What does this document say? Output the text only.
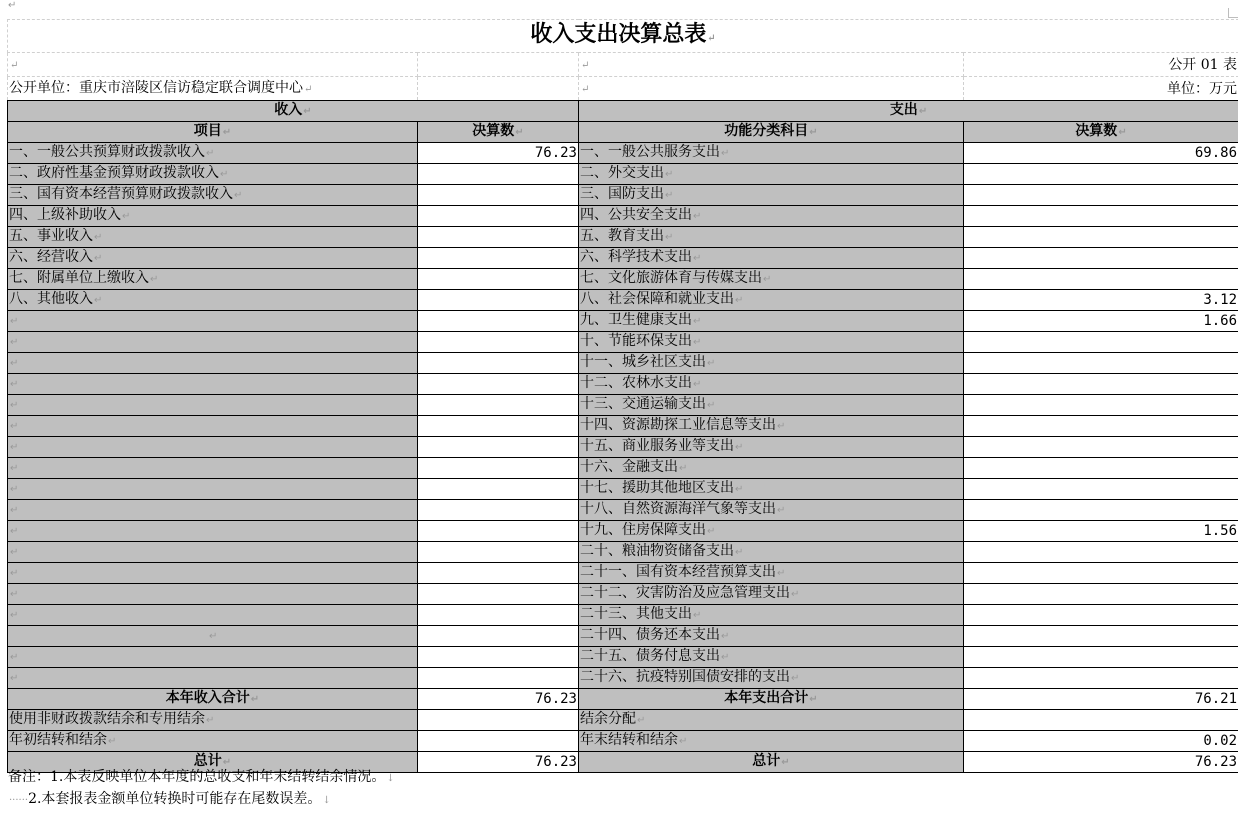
↵
收入支出决算总表↵			
↵		↵	公开 01 表
公开单位：重庆市涪陵区信访稳定联合调度中心↵		↵	单位：万元
收入↵		支出↵	
项目↵	决算数↵	功能分类科目↵	决算数↵
一、一般公共预算财政拨款收入↵	76.23	一、一般公共服务支出↵	69.86
二、政府性基金预算财政拨款收入↵		二、外交支出↵	
三、国有资本经营预算财政拨款收入↵		三、国防支出↵	
四、上级补助收入↵		四、公共安全支出↵	
五、事业收入↵		五、教育支出↵	
六、经营收入↵		六、科学技术支出↵	
七、附属单位上缴收入↵		七、文化旅游体育与传媒支出↵	
八、其他收入↵		八、社会保障和就业支出↵	3.12
↵		九、卫生健康支出↵	1.66
↵		十、节能环保支出↵	
↵		十一、城乡社区支出↵	
↵		十二、农林水支出↵	
↵		十三、交通运输支出↵	
↵		十四、资源勘探工业信息等支出↵	
↵		十五、商业服务业等支出↵	
↵		十六、金融支出↵	
↵		十七、援助其他地区支出↵	
↵		十八、自然资源海洋气象等支出↵	
↵		十九、住房保障支出↵	1.56
↵		二十、粮油物资储备支出↵	
↵		二十一、国有资本经营预算支出↵	
↵		二十二、灾害防治及应急管理支出↵	
↵		二十三、其他支出↵	
↵		二十四、债务还本支出↵	
↵		二十五、债务付息支出↵	
↵		二十六、抗疫特别国债安排的支出↵	
本年收入合计↵	76.23	本年支出合计↵	76.21
使用非财政拨款结余和专用结余↵		结余分配↵	
年初结转和结余↵		年末结转和结余↵	0.02
总计↵	76.23	总计↵	76.23
备注：1.本表反映单位本年度的总收支和年末结转结余情况。↓
······2.本套报表金额单位转换时可能存在尾数误差。↓
